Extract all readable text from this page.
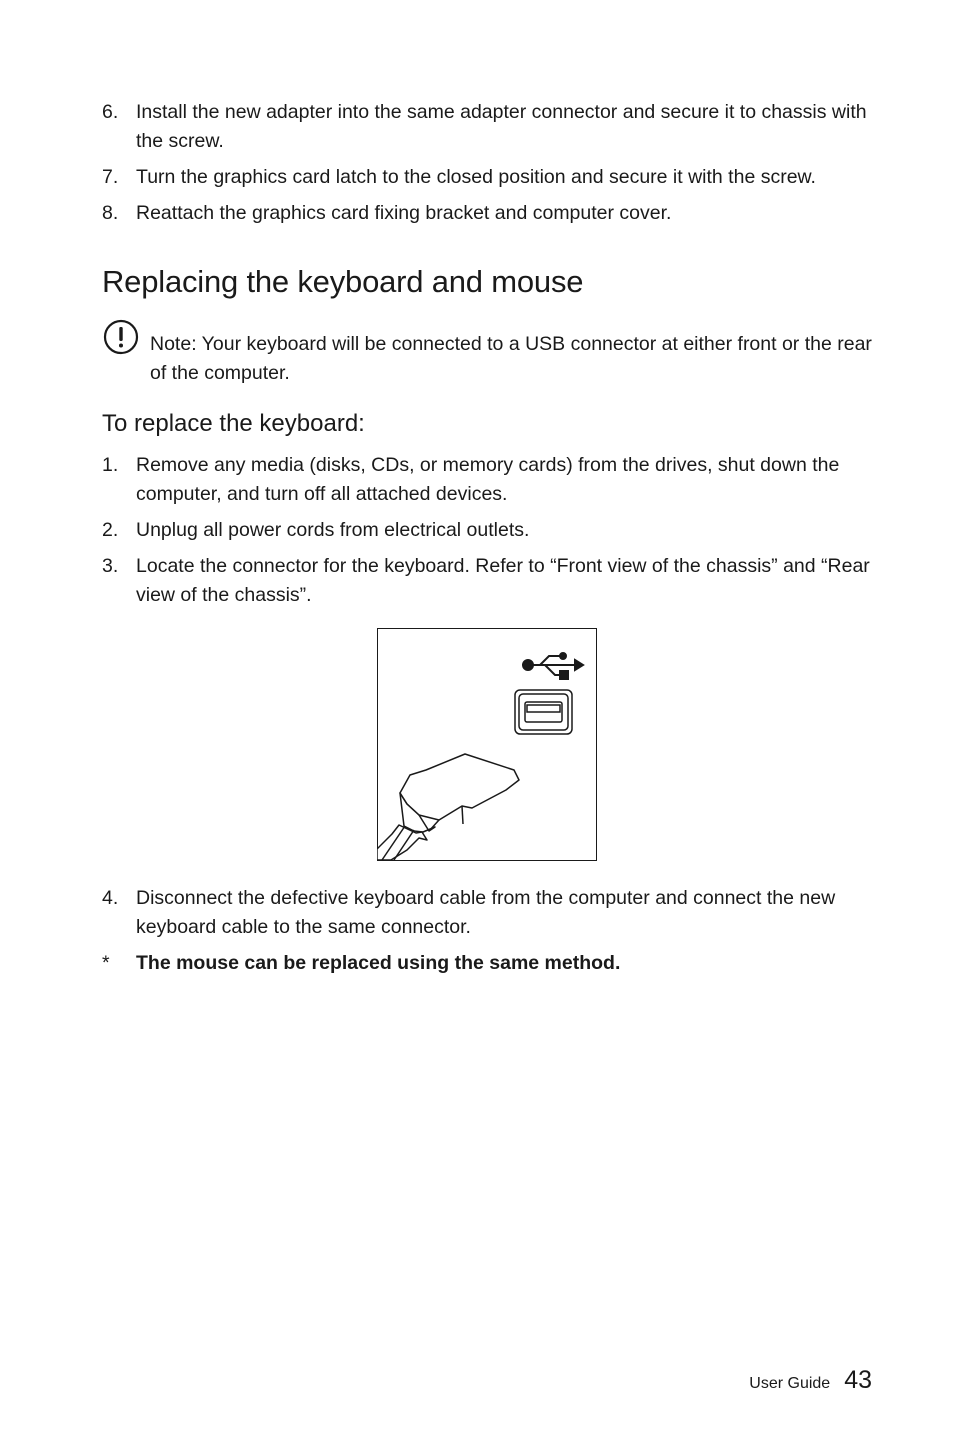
6. Install the new adapter into the same adapter connector and secure it to chassis with the screw.
7. Turn the graphics card latch to the closed position and secure it with the screw.
8. Reattach the graphics card fixing bracket and computer cover.
Replacing the keyboard and mouse
Note: Your keyboard will be connected to a USB connector at either front or the rear of the computer.
To replace the keyboard:
1. Remove any media (disks, CDs, or memory cards) from the drives, shut down the computer, and turn off all attached devices.
2. Unplug all power cords from electrical outlets.
3. Locate the connector for the keyboard. Refer to “Front view of the chassis” and “Rear view of the chassis”.
4. Disconnect the defective keyboard cable from the computer and connect the new keyboard cable to the same connector.
* The mouse can be replaced using the same method.
User Guide 43
